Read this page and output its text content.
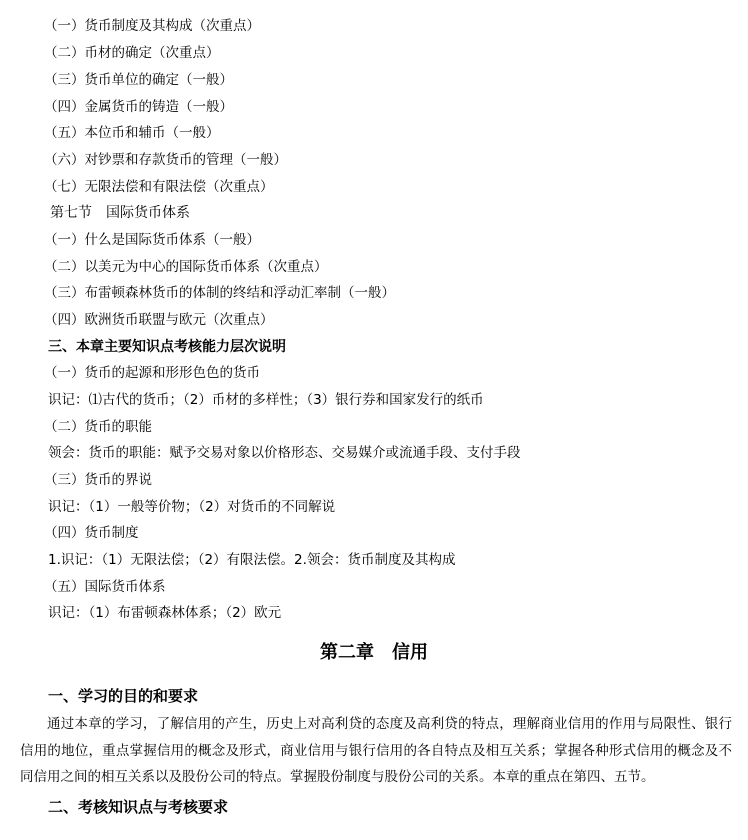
（一）货币制度及其构成（次重点）
（二）币材的确定（次重点）
（三）货币单位的确定（一般）
（四）金属货币的铸造（一般）
（五）本位币和辅币（一般）
（六）对钞票和存款货币的管理（一般）
（七）无限法偿和有限法偿（次重点）
第七节　国际货币体系
（一）什么是国际货币体系（一般）
（二）以美元为中心的国际货币体系（次重点）
（三）布雷顿森林货币的体制的终结和浮动汇率制（一般）
（四）欧洲货币联盟与欧元（次重点）
三、本章主要知识点考核能力层次说明
（一）货币的起源和形形色色的货币
识记：⑴古代的货币；（2）币材的多样性；（3）银行券和国家发行的纸币
（二）货币的职能
领会：货币的职能：赋予交易对象以价格形态、交易媒介或流通手段、支付手段
（三）货币的界说
识记：（1）一般等价物；（2）对货币的不同解说
（四）货币制度
1.识记：（1）无限法偿；（2）有限法偿。2.领会：货币制度及其构成
（五）国际货币体系
识记：（1）布雷顿森林体系；（2）欧元
第二章　信用
一、学习的目的和要求
通过本章的学习，了解信用的产生，历史上对高利贷的态度及高利贷的特点，理解商业信用的作用与局限性、银行信用的地位，重点掌握信用的概念及形式，商业信用与银行信用的各自特点及相互关系；掌握各种形式信用的概念及不同信用之间的相互关系以及股份公司的特点。掌握股份制度与股份公司的关系。本章的重点在第四、五节。
二、考核知识点与考核要求
